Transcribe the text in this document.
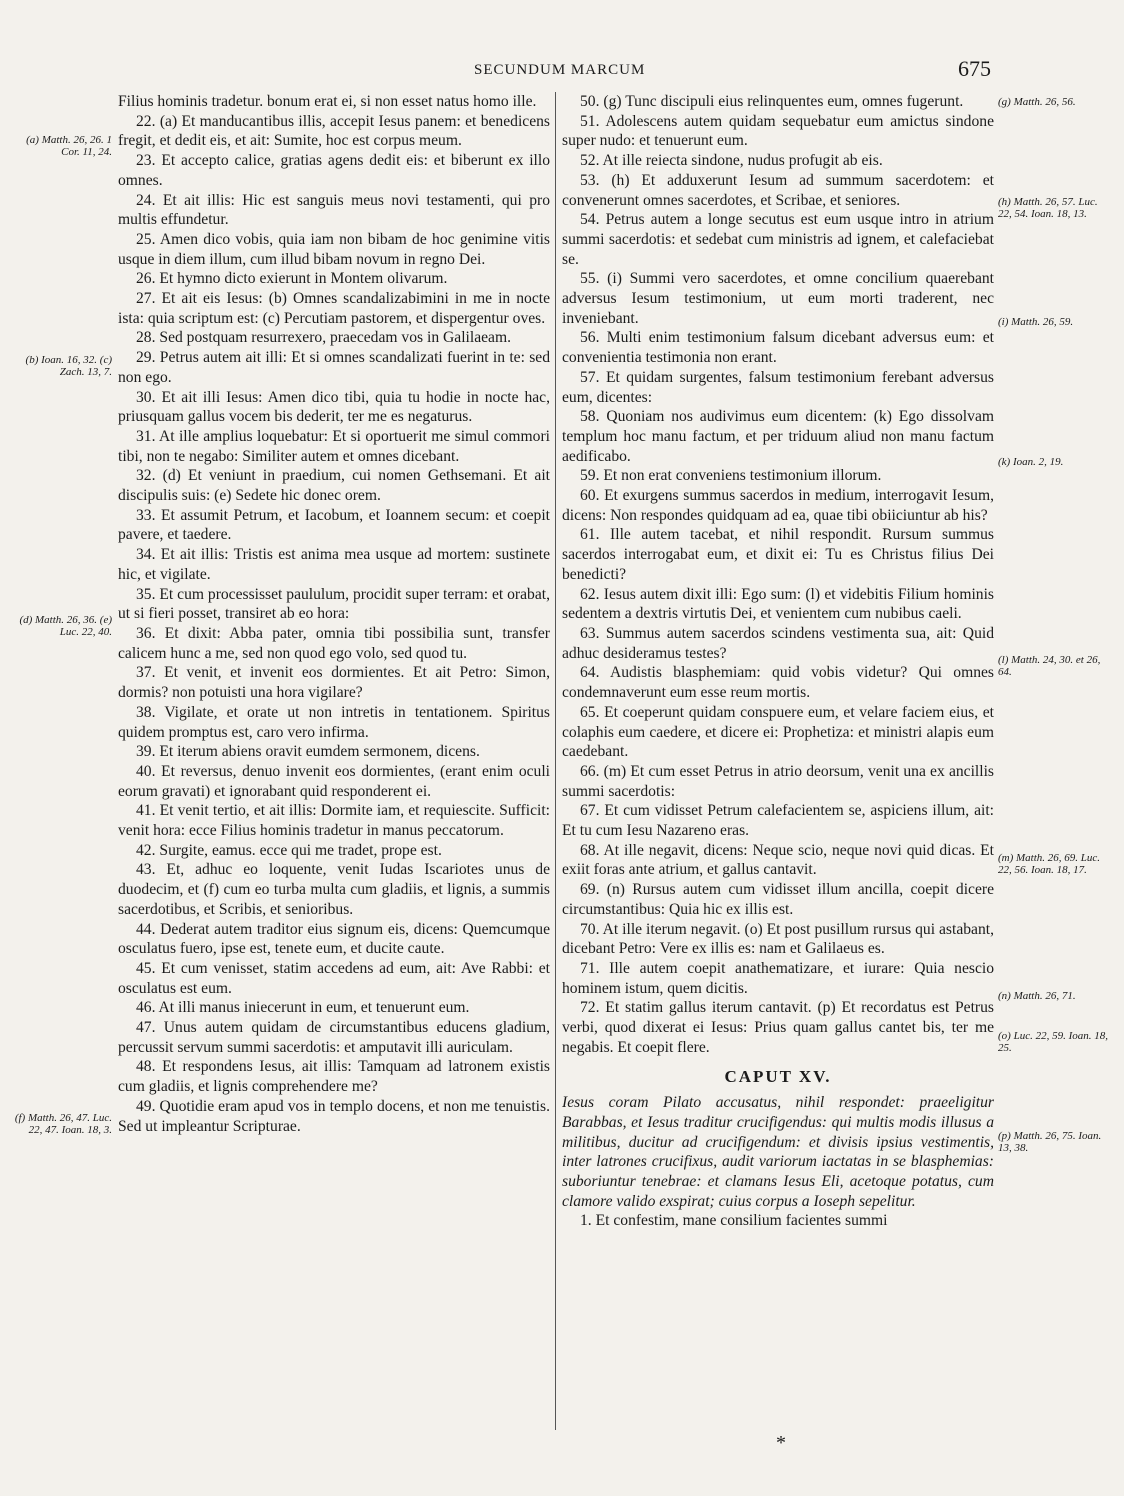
SECUNDUM MARCUM	675

Filius hominis tradetur. bonum erat ei, si non esset natus homo ille.

22. (a) Et manducantibus illis, accepit Iesus panem: et benedicens fregit, et dedit eis, et ait: Sumite, hoc est corpus meum.

23. Et accepto calice, gratias agens dedit eis: et biberunt ex illo omnes.

24. Et ait illis: Hic est sanguis meus novi testamenti, qui pro multis effundetur.

25. Amen dico vobis, quia iam non bibam de hoc genimine vitis usque in diem illum, cum illud bibam novum in regno Dei.

26. Et hymno dicto exierunt in Montem olivarum.

27. Et ait eis Iesus: (b) Omnes scandalizabimini in me in nocte ista: quia scriptum est: (c) Percutiam pastorem, et dispergentur oves.

28. Sed postquam resurrexero, praecedam vos in Galilaeam.

29. Petrus autem ait illi: Et si omnes scandalizati fuerint in te: sed non ego.

30. Et ait illi Iesus: Amen dico tibi, quia tu hodie in nocte hac, priusquam gallus vocem bis dederit, ter me es negaturus.

31. At ille amplius loquebatur: Et si oportuerit me simul commori tibi, non te negabo: Similiter autem et omnes dicebant.

32. (d) Et veniunt in praedium, cui nomen Gethsemani. Et ait discipulis suis: (e) Sedete hic donec orem.

33. Et assumit Petrum, et Iacobum, et Ioannem secum: et coepit pavere, et taedere.

34. Et ait illis: Tristis est anima mea usque ad mortem: sustinete hic, et vigilate.

35. Et cum processisset paululum, procidit super terram: et orabat, ut si fieri posset, transiret ab eo hora:

36. Et dixit: Abba pater, omnia tibi possibilia sunt, transfer calicem hunc a me, sed non quod ego volo, sed quod tu.

37. Et venit, et invenit eos dormientes. Et ait Petro: Simon, dormis? non potuisti una hora vigilare?

38. Vigilate, et orate ut non intretis in tentationem. Spiritus quidem promptus est, caro vero infirma.

39. Et iterum abiens oravit eumdem sermonem, dicens.

40. Et reversus, denuo invenit eos dormientes, (erant enim oculi eorum gravati) et ignorabant quid responderent ei.

41. Et venit tertio, et ait illis: Dormite iam, et requiescite. Sufficit: venit hora: ecce Filius hominis tradetur in manus peccatorum.

42. Surgite, eamus. ecce qui me tradet, prope est.

43. Et, adhuc eo loquente, venit Iudas Iscariotes unus de duodecim, et (f) cum eo turba multa cum gladiis, et lignis, a summis sacerdotibus, et Scribis, et senioribus.

44. Dederat autem traditor eius signum eis, dicens: Quemcumque osculatus fuero, ipse est, tenete eum, et ducite caute.

45. Et cum venisset, statim accedens ad eum, ait: Ave Rabbi: et osculatus est eum.

46. At illi manus iniecerunt in eum, et tenuerunt eum.

47. Unus autem quidam de circumstantibus educens gladium, percussit servum summi sacerdotis: et amputavit illi auriculam.

48. Et respondens Iesus, ait illis: Tamquam ad latronem existis cum gladiis, et lignis comprehendere me?

49. Quotidie eram apud vos in templo docens, et non me tenuistis. Sed ut impleantur Scripturae.

50. (g) Tunc discipuli eius relinquentes eum, omnes fugerunt.

51. Adolescens autem quidam sequebatur eum amictus sindone super nudo: et tenuerunt eum.

52. At ille reiecta sindone, nudus profugit ab eis.

53. (h) Et adduxerunt Iesum ad summum sacerdotem: et convenerunt omnes sacerdotes, et Scribae, et seniores.

54. Petrus autem a longe secutus est eum usque intro in atrium summi sacerdotis: et sedebat cum ministris ad ignem, et calefaciebat se.

55. (i) Summi vero sacerdotes, et omne concilium quaerebant adversus Iesum testimonium, ut eum morti traderent, nec inveniebant.

56. Multi enim testimonium falsum dicebant adversus eum: et convenientia testimonia non erant.

57. Et quidam surgentes, falsum testimonium ferebant adversus eum, dicentes:

58. Quoniam nos audivimus eum dicentem: (k) Ego dissolvam templum hoc manu factum, et per triduum aliud non manu factum aedificabo.

59. Et non erat conveniens testimonium illorum.

60. Et exurgens summus sacerdos in medium, interrogavit Iesum, dicens: Non respondes quidquam ad ea, quae tibi obiiciuntur ab his?

61. Ille autem tacebat, et nihil respondit. Rursum summus sacerdos interrogabat eum, et dixit ei: Tu es Christus filius Dei benedicti?

62. Iesus autem dixit illi: Ego sum: (l) et videbitis Filium hominis sedentem a dextris virtutis Dei, et venientem cum nubibus caeli.

63. Summus autem sacerdos scindens vestimenta sua, ait: Quid adhuc desideramus testes?

64. Audistis blasphemiam: quid vobis videtur? Qui omnes condemnaverunt eum esse reum mortis.

65. Et coeperunt quidam conspuere eum, et velare faciem eius, et colaphis eum caedere, et dicere ei: Prophetiza: et ministri alapis eum caedebant.

66. (m) Et cum esset Petrus in atrio deorsum, venit una ex ancillis summi sacerdotis:

67. Et cum vidisset Petrum calefacientem se, aspiciens illum, ait: Et tu cum Iesu Nazareno eras.

68. At ille negavit, dicens: Neque scio, neque novi quid dicas. Et exiit foras ante atrium, et gallus cantavit.

69. (n) Rursus autem cum vidisset illum ancilla, coepit dicere circumstantibus: Quia hic ex illis est.

70. At ille iterum negavit. (o) Et post pusillum rursus qui astabant, dicebant Petro: Vere ex illis es: nam et Galilaeus es.

71. Ille autem coepit anathematizare, et iurare: Quia nescio hominem istum, quem dicitis.

72. Et statim gallus iterum cantavit. (p) Et recordatus est Petrus verbi, quod dixerat ei Iesus: Prius quam gallus cantet bis, ter me negabis. Et coepit flere.

CAPUT XV.

Iesus coram Pilato accusatus, nihil respondet: praeeligitur Barabbas, et Iesus traditur crucifigendus: qui multis modis illusus a militibus, ducitur ad crucifigendum: et divisis ipsius vestimentis, inter latrones crucifixus, audit variorum iactatas in se blasphemias: suboriuntur tenebrae: et clamans Iesus Eli, acetoque potatus, cum clamore valido exspirat; cuius corpus a Ioseph sepelitur.

1. Et confestim, mane consilium facientes summi

(a) Matth. 26, 26. 1 Cor. 11, 24.
(b) Ioan. 16, 32. (c) Zach. 13, 7.
(d) Matth. 26, 36. (e) Luc. 22, 40.
(f) Matth. 26, 47. Luc. 22, 47. Ioan. 18, 3.
(g) Matth. 26, 56.
(h) Matth. 26, 57. Luc. 22, 54. Ioan. 18, 13.
(i) Matth. 26, 59.
(k) Ioan. 2, 19.
(l) Matth. 24, 30. et 26, 64.
(m) Matth. 26, 69. Luc. 22, 56. Ioan. 18, 17.
(n) Matth. 26, 71.
(o) Luc. 22, 59. Ioan. 18, 25.
(p) Matth. 26, 75. Ioan. 13, 38.
*
